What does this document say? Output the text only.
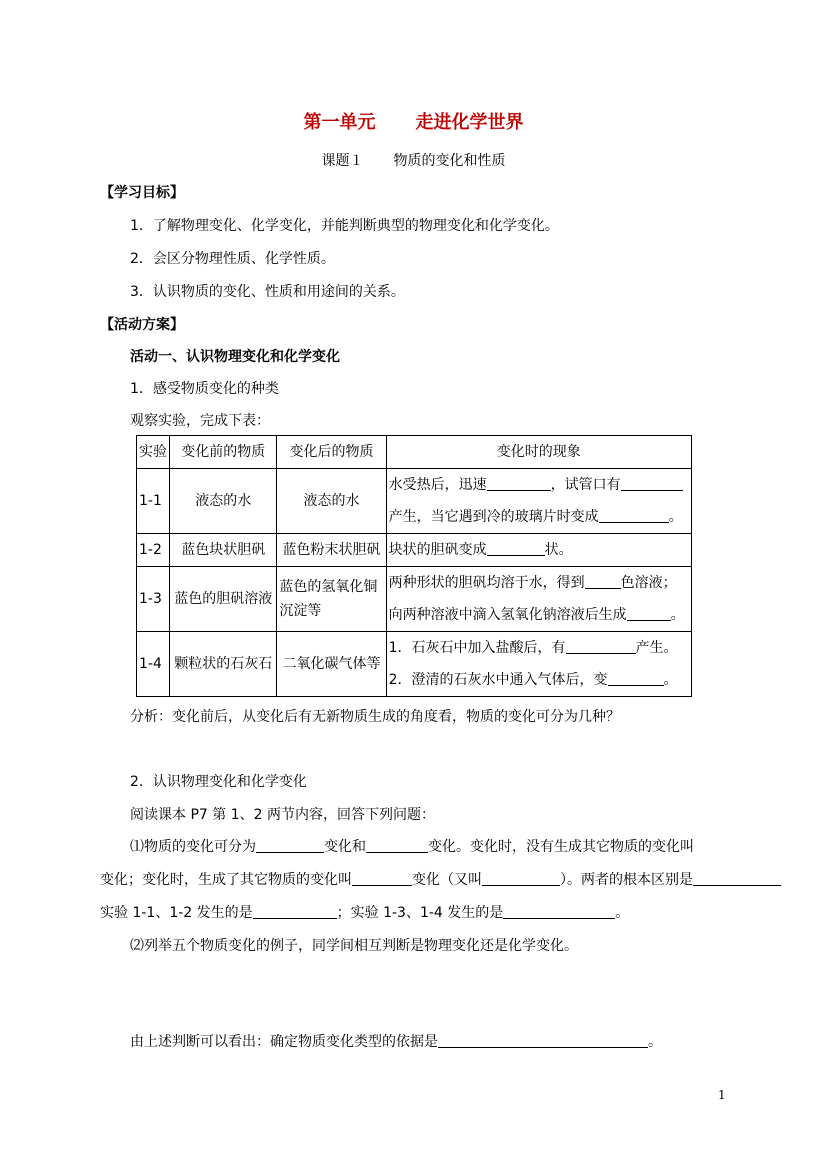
第一单元 走进化学世界
课题１ 物质的变化和性质
【学习目标】
1．了解物理变化、化学变化，并能判断典型的物理变化和化学变化。
2．会区分物理性质、化学性质。
3．认识物质的变化、性质和用途间的关系。
【活动方案】
活动一、认识物理变化和化学变化
1．感受物质变化的种类
观察实验，完成下表：
实验	变化前的物质	变化后的物质	变化时的现象
1-1	液态的水	液态的水	水受热后，迅速 ，试管口有
产生，当它遇到冷的玻璃片时变成 。

1-2	蓝色块状胆矾	蓝色粉末状胆矾	块状的胆矾变成 状。
1-3	蓝色的胆矾溶液	蓝色的氢氧化铜沉淀等	两种形状的胆矾均溶于水，得到 色溶液；
向两种溶液中滴入氢氧化钠溶液后生成 。

1-4	颗粒状的石灰石	二氧化碳气体等	1．石灰石中加入盐酸后，有 产生。
2．澄清的石灰水中通入气体后，变 。
分析：变化前后，从变化后有无新物质生成的角度看，物质的变化可分为几种？
2．认识物理变化和化学变化
阅读课本 P7 第 1、2 两节内容，回答下列问题：
⑴物质的变化可分为	变化和	变化。变化时，没有生成其它物质的变化叫
变化；变化时，生成了其它物质的变化叫	变化（又叫	）。两者的根本区别是
实验 1-1、1-2 发生的是	；实验 1-3、1-4 发生的是	。
⑵列举五个物质变化的例子，同学间相互判断是物理变化还是化学变化。
由上述判断可以看出：确定物质变化类型的依据是	。
1
